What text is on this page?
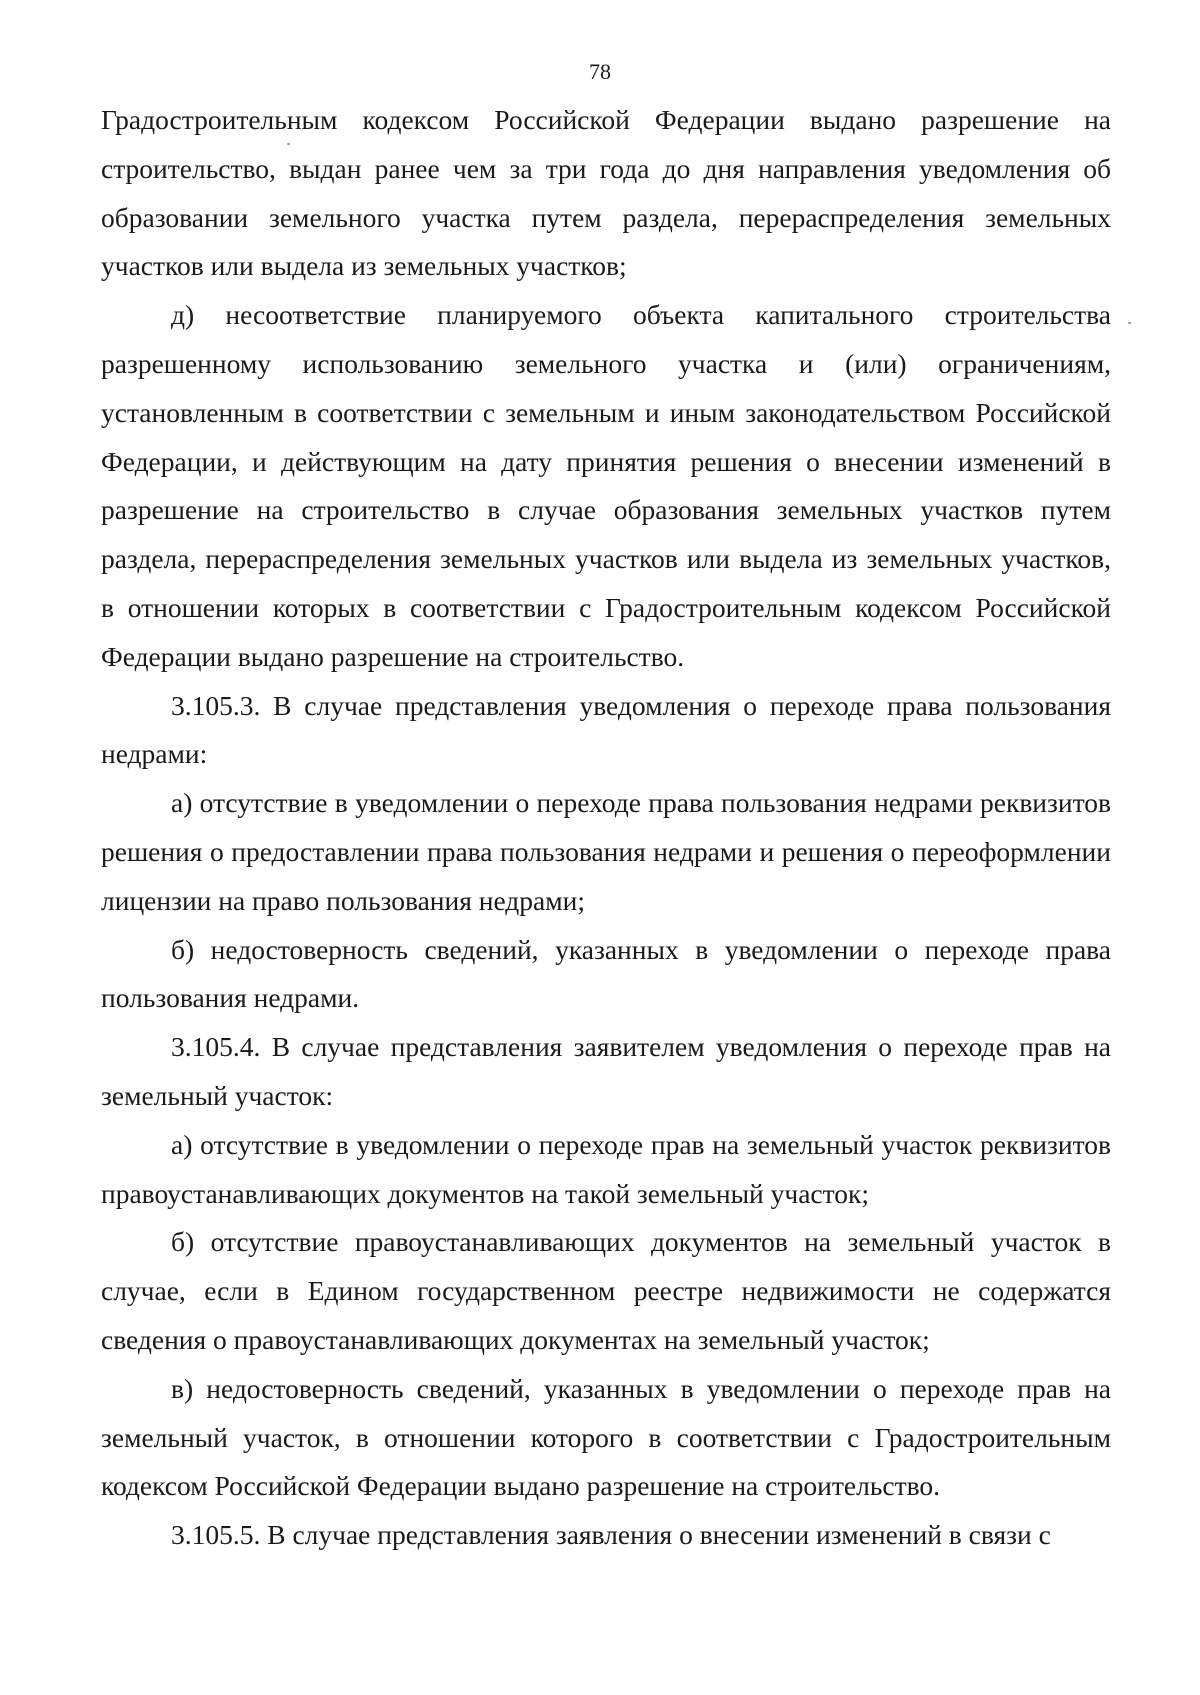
78

Градостроительным кодексом Российской Федерации выдано разрешение на строительство, выдан ранее чем за три года до дня направления уведомления об образовании земельного участка путем раздела, перераспределения земельных участков или выдела из земельных участков;

д) несоответствие планируемого объекта капитального строительства разрешенному использованию земельного участка и (или) ограничениям, установленным в соответствии с земельным и иным законодательством Российской Федерации, и действующим на дату принятия решения о внесении изменений в разрешение на строительство в случае образования земельных участков путем раздела, перераспределения земельных участков или выдела из земельных участков, в отношении которых в соответствии с Градостроительным кодексом Российской Федерации выдано разрешение на строительство.

3.105.3. В случае представления уведомления о переходе права пользования недрами:

а) отсутствие в уведомлении о переходе права пользования недрами реквизитов решения о предоставлении права пользования недрами и решения о переоформлении лицензии на право пользования недрами;

б) недостоверность сведений, указанных в уведомлении о переходе права пользования недрами.

3.105.4. В случае представления заявителем уведомления о переходе прав на земельный участок:

а) отсутствие в уведомлении о переходе прав на земельный участок реквизитов правоустанавливающих документов на такой земельный участок;

б) отсутствие правоустанавливающих документов на земельный участок в случае, если в Едином государственном реестре недвижимости не содержатся сведения о правоустанавливающих документах на земельный участок;

в) недостоверность сведений, указанных в уведомлении о переходе прав на земельный участок, в отношении которого в соответствии с Градостроительным кодексом Российской Федерации выдано разрешение на строительство.

3.105.5. В случае представления заявления о внесении изменений в связи с
